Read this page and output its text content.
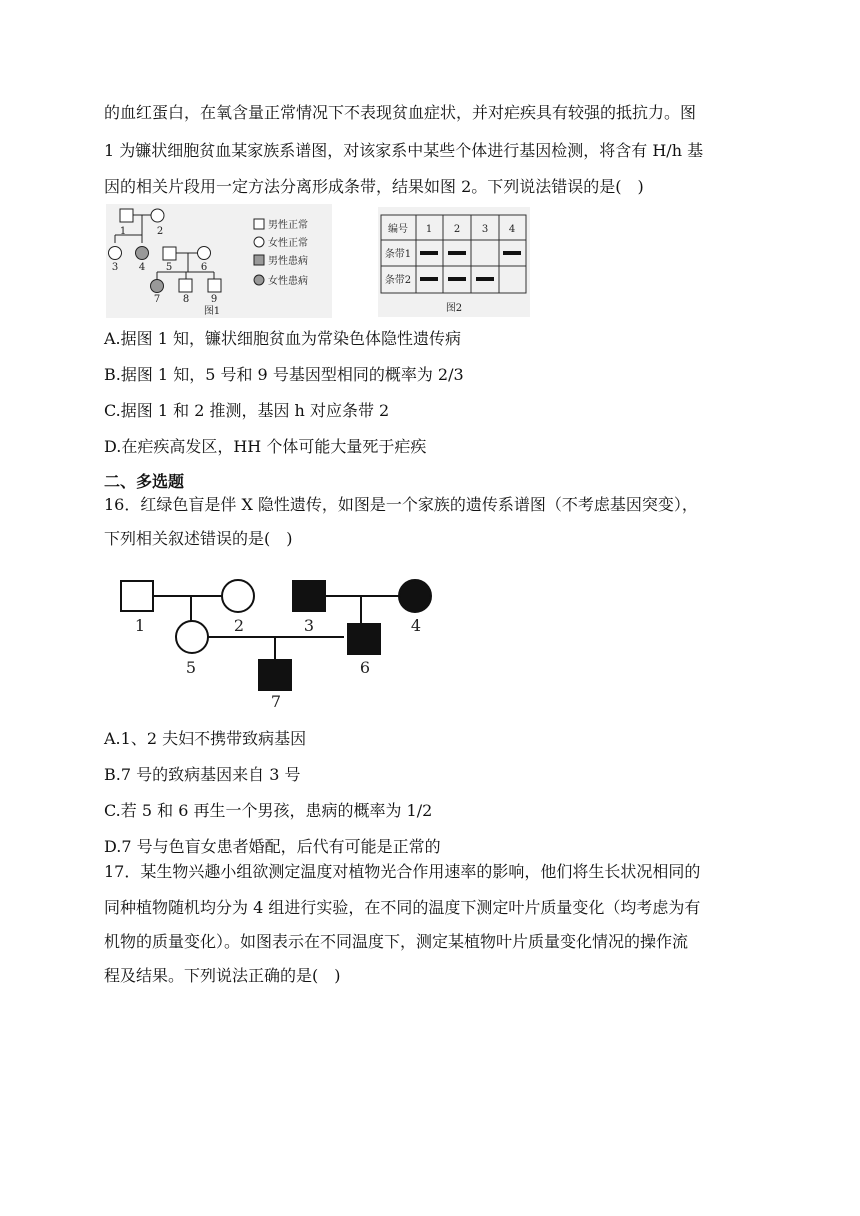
的血红蛋白，在氧含量正常情况下不表现贫血症状，并对疟疾具有较强的抵抗力。图
1 为镰状细胞贫血某家族系谱图，对该家系中某些个体进行基因检测，将含有 H/h 基
因的相关片段用一定方法分离形成条带，结果如图 2。下列说法错误的是( )
1	2
3 4 5	6
7 8 9
图1
男性正常
女性正常
男性患病
女性患病
编号 1 2 3 4
条带1
条带2
图2
A.据图 1 知，镰状细胞贫血为常染色体隐性遗传病
B.据图 1 知，5 号和 9 号基因型相同的概率为 2/3
C.据图 1 和 2 推测，基因 h 对应条带 2
D.在疟疾高发区，HH 个体可能大量死于疟疾
二、多选题
16．红绿色盲是伴 X 隐性遗传，如图是一个家族的遗传系谱图（不考虑基因突变），
下列相关叙述错误的是( )
1	2	3	4
5	6
7
A.1、2 夫妇不携带致病基因
B.7 号的致病基因来自 3 号
C.若 5 和 6 再生一个男孩，患病的概率为 1/2
D.7 号与色盲女患者婚配，后代有可能是正常的
17．某生物兴趣小组欲测定温度对植物光合作用速率的影响，他们将生长状况相同的
同种植物随机均分为 4 组进行实验，在不同的温度下测定叶片质量变化（均考虑为有
机物的质量变化）。如图表示在不同温度下，测定某植物叶片质量变化情况的操作流
程及结果。下列说法正确的是( )
